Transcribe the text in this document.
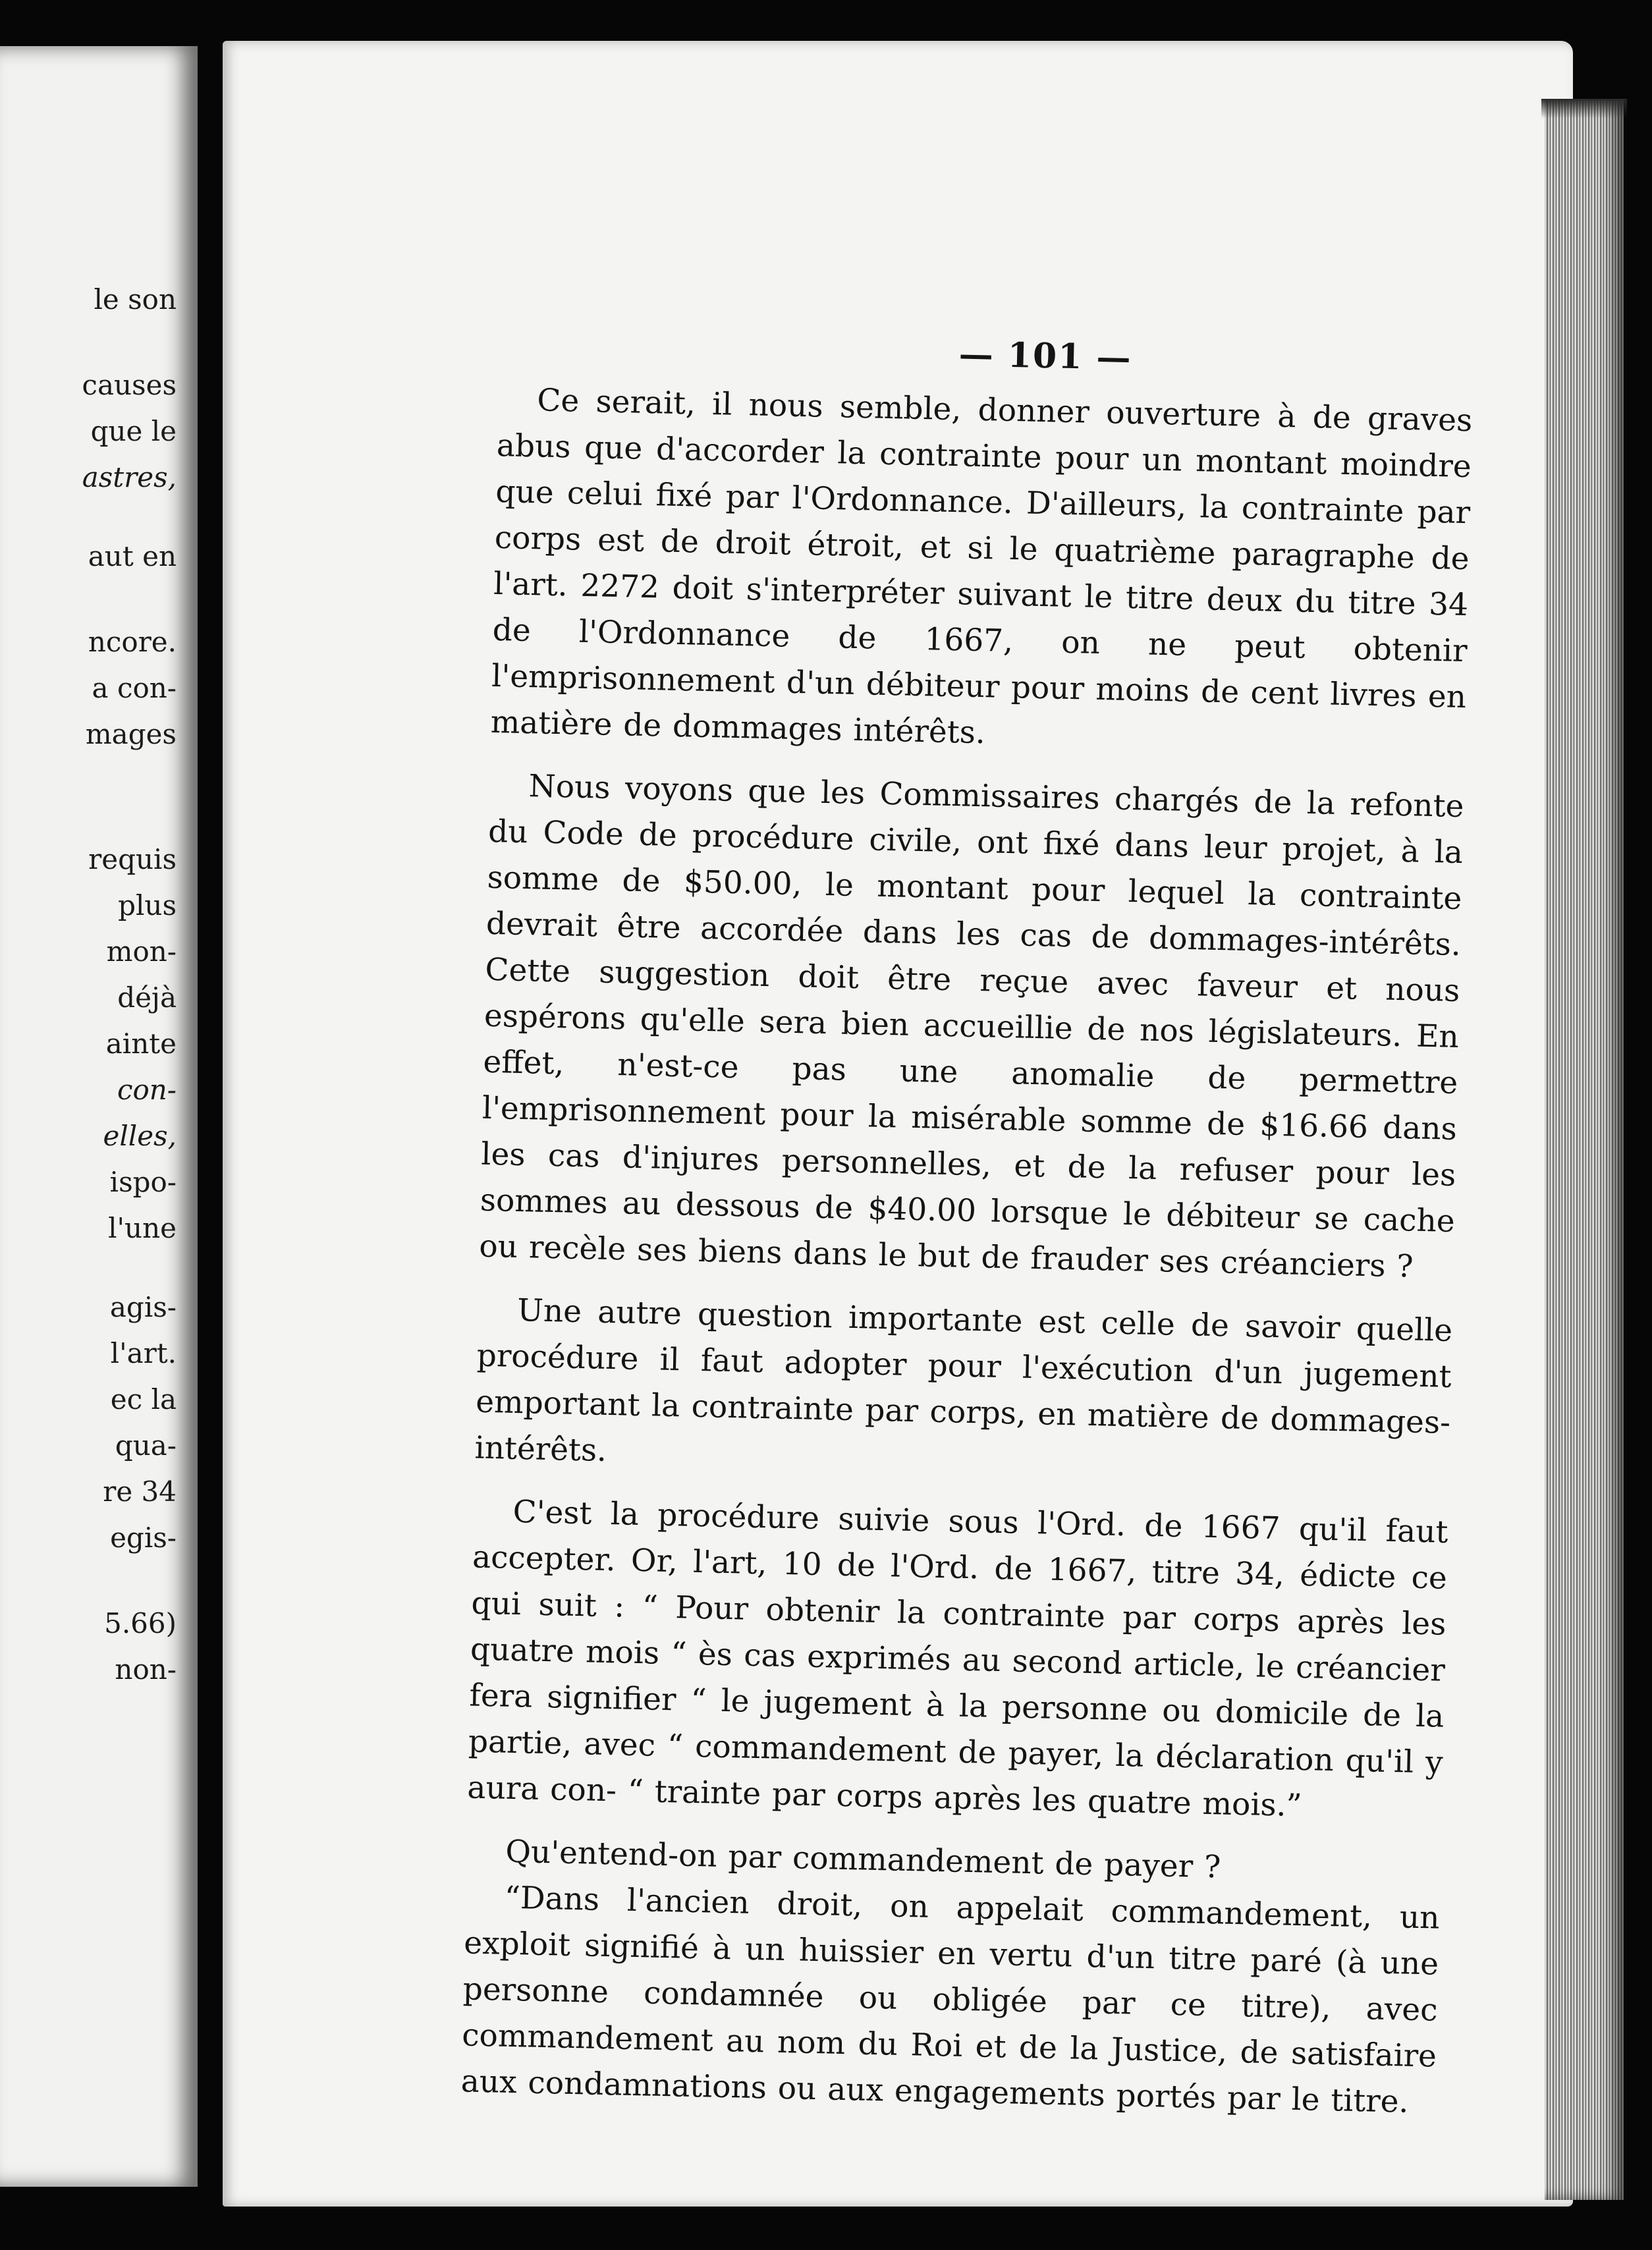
le son
causes
que le
astres,
aut en
ncore.
a con-
mages
requis
plus
mon-
déjà
ainte
con-
elles,
ispo-
l'une
agis-
l'art.
ec la
qua-
re 34
egis-
5.66)
non-
— 101 —

Ce serait, il nous semble, donner ouverture à de graves abus que d'accorder la contrainte pour un montant moindre que celui fixé par l'Ordonnance. D'ailleurs, la contrainte par corps est de droit étroit, et si le quatrième paragraphe de l'art. 2272 doit s'interpréter suivant le titre deux du titre 34 de l'Ordonnance de 1667, on ne peut obtenir l'emprisonnement d'un débiteur pour moins de cent livres en matière de dommages intérêts.

Nous voyons que les Commissaires chargés de la refonte du Code de procédure civile, ont fixé dans leur projet, à la somme de $50.00, le montant pour lequel la contrainte devrait être accordée dans les cas de dommages-intérêts. Cette suggestion doit être reçue avec faveur et nous espérons qu'elle sera bien accueillie de nos législateurs. En effet, n'est-ce pas une anomalie de permettre l'emprisonnement pour la misérable somme de $16.66 dans les cas d'injures personnelles, et de la refuser pour les sommes au dessous de $40.00 lorsque le débiteur se cache ou recèle ses biens dans le but de frauder ses créanciers ?

Une autre question importante est celle de savoir quelle procédure il faut adopter pour l'exécution d'un jugement emportant la contrainte par corps, en matière de dommages-intérêts.

C'est la procédure suivie sous l'Ord. de 1667 qu'il faut accepter. Or, l'art, 10 de l'Ord. de 1667, titre 34, édicte ce qui suit : “ Pour obtenir la contrainte par corps après les quatre mois “ ès cas exprimés au second article, le créancier fera signifier “ le jugement à la personne ou domicile de la partie, avec “ commandement de payer, la déclaration qu'il y aura con- “ trainte par corps après les quatre mois.”

Qu'entend-on par commandement de payer ?

“Dans l'ancien droit, on appelait commandement, un exploit signifié à un huissier en vertu d'un titre paré (à une personne condamnée ou obligée par ce titre), avec commandement au nom du Roi et de la Justice, de satisfaire aux condamnations ou aux engagements portés par le titre.
